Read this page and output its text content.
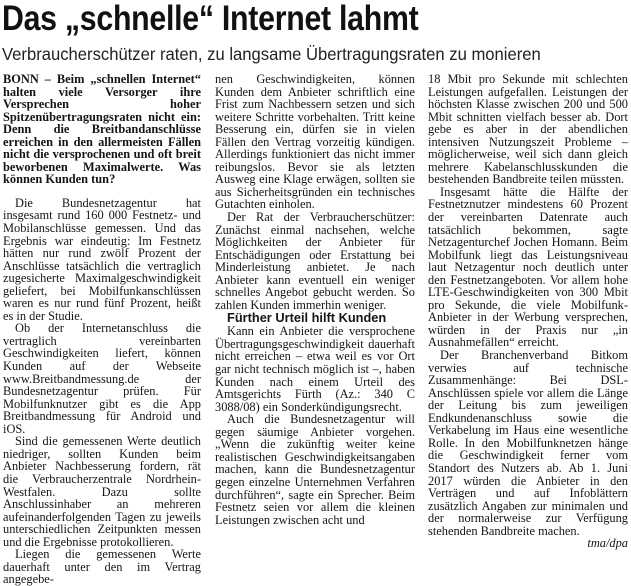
Das „schnelle“ Internet lahmt
Verbraucherschützer raten, zu langsame Übertragungsraten zu monieren

BONN – Beim „schnellen Internet“ halten viele Versorger ihre Versprechen hoher Spitzenübertragungsraten nicht ein: Denn die Breitbandanschlüsse erreichen in den allermeisten Fällen nicht die versprochenen und oft breit beworbenen Maximalwerte. Was können Kunden tun?

Die Bundesnetzagentur hat insgesamt rund 160 000 Festnetz- und Mobilanschlüsse gemessen. Und das Ergebnis war eindeutig: Im Festnetz hätten nur rund zwölf Prozent der Anschlüsse tatsächlich die vertraglich zugesicherte Maximalgeschwindigkeit geliefert, bei Mobilfunkanschlüssen waren es nur rund fünf Prozent, heißt es in der Studie.

Ob der Internetanschluss die vertraglich vereinbarten Geschwindigkeiten liefert, können Kunden auf der Webseite www.Breitbandmessung.de der Bundesnetzagentur prüfen. Für Mobilfunknutzer gibt es die App Breitbandmessung für Android und iOS.

Sind die gemessenen Werte deutlich niedriger, sollten Kunden beim Anbieter Nachbesserung fordern, rät die Verbraucherzentrale Nordrhein-Westfalen. Dazu sollte Anschlussinhaber an mehreren aufeinanderfolgenden Tagen zu jeweils unterschiedlichen Zeitpunkten messen und die Ergebnisse protokollieren.

Liegen die gemessenen Werte dauerhaft unter den im Vertrag angegebe-

nen Geschwindigkeiten, können Kunden dem Anbieter schriftlich eine Frist zum Nachbessern setzen und sich weitere Schritte vorbehalten. Tritt keine Besserung ein, dürfen sie in vielen Fällen den Vertrag vorzeitig kündigen. Allerdings funktioniert das nicht immer reibungslos. Bevor sie als letzten Ausweg eine Klage erwägen, sollten sie aus Sicherheitsgründen ein technisches Gutachten einholen.

Der Rat der Verbraucherschützer: Zunächst einmal nachsehen, welche Möglichkeiten der Anbieter für Entschädigungen oder Erstattung bei Minderleistung anbietet. Je nach Anbieter kann eventuell ein weniger schnelles Angebot gebucht werden. So zahlen Kunden immerhin weniger.

Fürther Urteil hilft Kunden

Kann ein Anbieter die versprochene Übertragungsgeschwindigkeit dauerhaft nicht erreichen – etwa weil es vor Ort gar nicht technisch möglich ist –, haben Kunden nach einem Urteil des Amtsgerichts Fürth (Az.: 340 C 3088/08) ein Sonderkündigungsrecht.

Auch die Bundesnetzagentur will gegen säumige Anbieter vorgehen. „Wenn die zukünftig weiter keine realistischen Geschwindigkeitsangaben machen, kann die Bundesnetzagentur gegen einzelne Unternehmen Verfahren durchführen“, sagte ein Sprecher. Beim Festnetz seien vor allem die kleinen Leistungen zwischen acht und

18 Mbit pro Sekunde mit schlechten Leistungen aufgefallen. Leistungen der höchsten Klasse zwischen 200 und 500 Mbit schnitten vielfach besser ab. Dort gebe es aber in der abendlichen intensiven Nutzungszeit Probleme – möglicherweise, weil sich dann gleich mehrere Kabelanschlusskunden die bestehenden Bandbreite teilen müssten.

Insgesamt hätte die Hälfte der Festnetznutzer mindestens 60 Prozent der vereinbarten Datenrate auch tatsächlich bekommen, sagte Netzagenturchef Jochen Homann. Beim Mobilfunk liegt das Leistungsniveau laut Netzagentur noch deutlich unter den Festnetzangeboten. Vor allem hohe LTE-Geschwindigkeiten von 300 Mbit pro Sekunde, die viele Mobilfunk-Anbieter in der Werbung versprechen, würden in der Praxis nur „in Ausnahmefällen“ erreicht.

Der Branchenverband Bitkom verwies auf technische Zusammenhänge: Bei DSL-Anschlüssen spiele vor allem die Länge der Leitung bis zum jeweiligen Endkundenanschluss sowie die Verkabelung im Haus eine wesentliche Rolle. In den Mobilfunknetzen hänge die Geschwindigkeit ferner vom Standort des Nutzers ab. Ab 1. Juni 2017 würden die Anbieter in den Verträgen und auf Infoblättern zusätzlich Angaben zur minimalen und der normalerweise zur Verfügung stehenden Bandbreite machen.
tma/dpa
